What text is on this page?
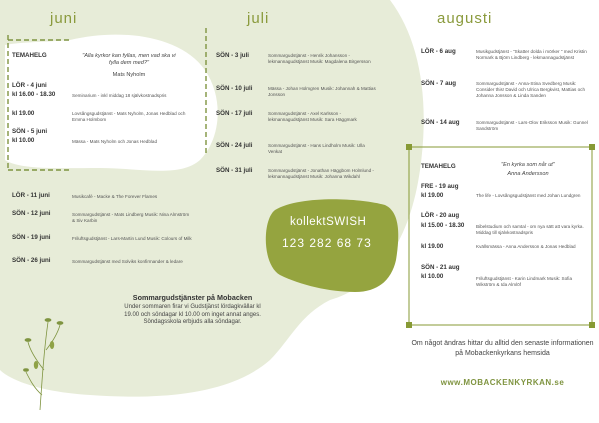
juni	juli	augusti
TEMAHELG	"Alla kyrkor kan fyllas, men vad ska vi fylla dem med?"
Mats Nyholm
LÖR - 4 juni
kl 16.00 - 18.30	Seminarium - inkl middag 18 självkostnadspris
kl 19.00	Lovsångsgudstjänst - Mats Nyholm, Jonas Hedblad och Emma Holmbom
SÖN - 5 juni
kl 10.00	Mässa - Mats Nyholm och Jonas Hedblad
LÖR - 11 juni	Musikcafé - Macke & The Forever Flames
SÖN - 12 juni	Sommargudstjänst - Mats Lindberg Musik: Nina Almström & Siv Karbin
SÖN - 19 juni	Friluftsgudstjänst - Lars-Martin Lund Musik: Colours of Milk
SÖN - 26 juni	Sommargudstjänst med Solviks konfirmander & ledare
SÖN - 3 juli	Sommargudstjänst - Henrik Johansson - lekmannagudstjänst Musik: Magdalena Birgersson
SÖN - 10 juli	Mässa - Johan Holmgren Musik: Johannah & Mattias Jonsson
SÖN - 17 juli	Sommargudstjänst - Axel Karlsson - lekmannagudstjänst Musik: Sara Häggmark
SÖN - 24 juli	Sommargudstjänst - Hans Lindholm Musik: Ulla Venkat
SÖN - 31 juli	Sommargudstjänst - Jonathan Häggbom Holmlund - lekmannagudstjänst Musik: Johanna Wikdahl
kollektSWISH
123 282 68 73
Sommargudstjänster på Mobacken
Under sommaren firar vi Gudstjänst lördagkvällar kl 19.00 och söndagar kl 10.00 om inget annat anges. Söndagsskola erbjuds alla söndagar.
LÖR - 6 aug	Musikgudstjänst - "Skatter dolda i mörker " med Kristin Normark & Björn Lindberg - lekmannagudstjänst
SÖN - 7 aug	Sommargudstjänst - Anna-Stina Svedberg Musik: Consider this! David och Ulrica Bergkvist, Mattias och Johanna Jonsson & Linda Sanden
SÖN - 14 aug	Sommargudstjänst - Lars-Olov Eriksson Musik: Gunnel Sandström
TEMAHELG	"En kyrka som når ut"
Anna Andersson
FRE - 19 aug
kl 19.00	The life - Lovsångsgudstjänst med Johan Lundgren
LÖR - 20 aug
kl 15.00 - 18.30	Bibelstudium och samtal - om nya sätt att vara kyrka. Middag till självkostnadspris
kl 19.00	Kvällsmässa - Anna Andersson & Jonas Hedblad
SÖN - 21 aug
kl 10.00	Friluftsgudstjänst - Karin Lindmark Musik: Sofia Wikström & Ida Almlöf
Om något ändras hittar du alltid den senaste informationen på Mobackenkyrkans hemsida
www.MOBACKENKYRKAN.se
